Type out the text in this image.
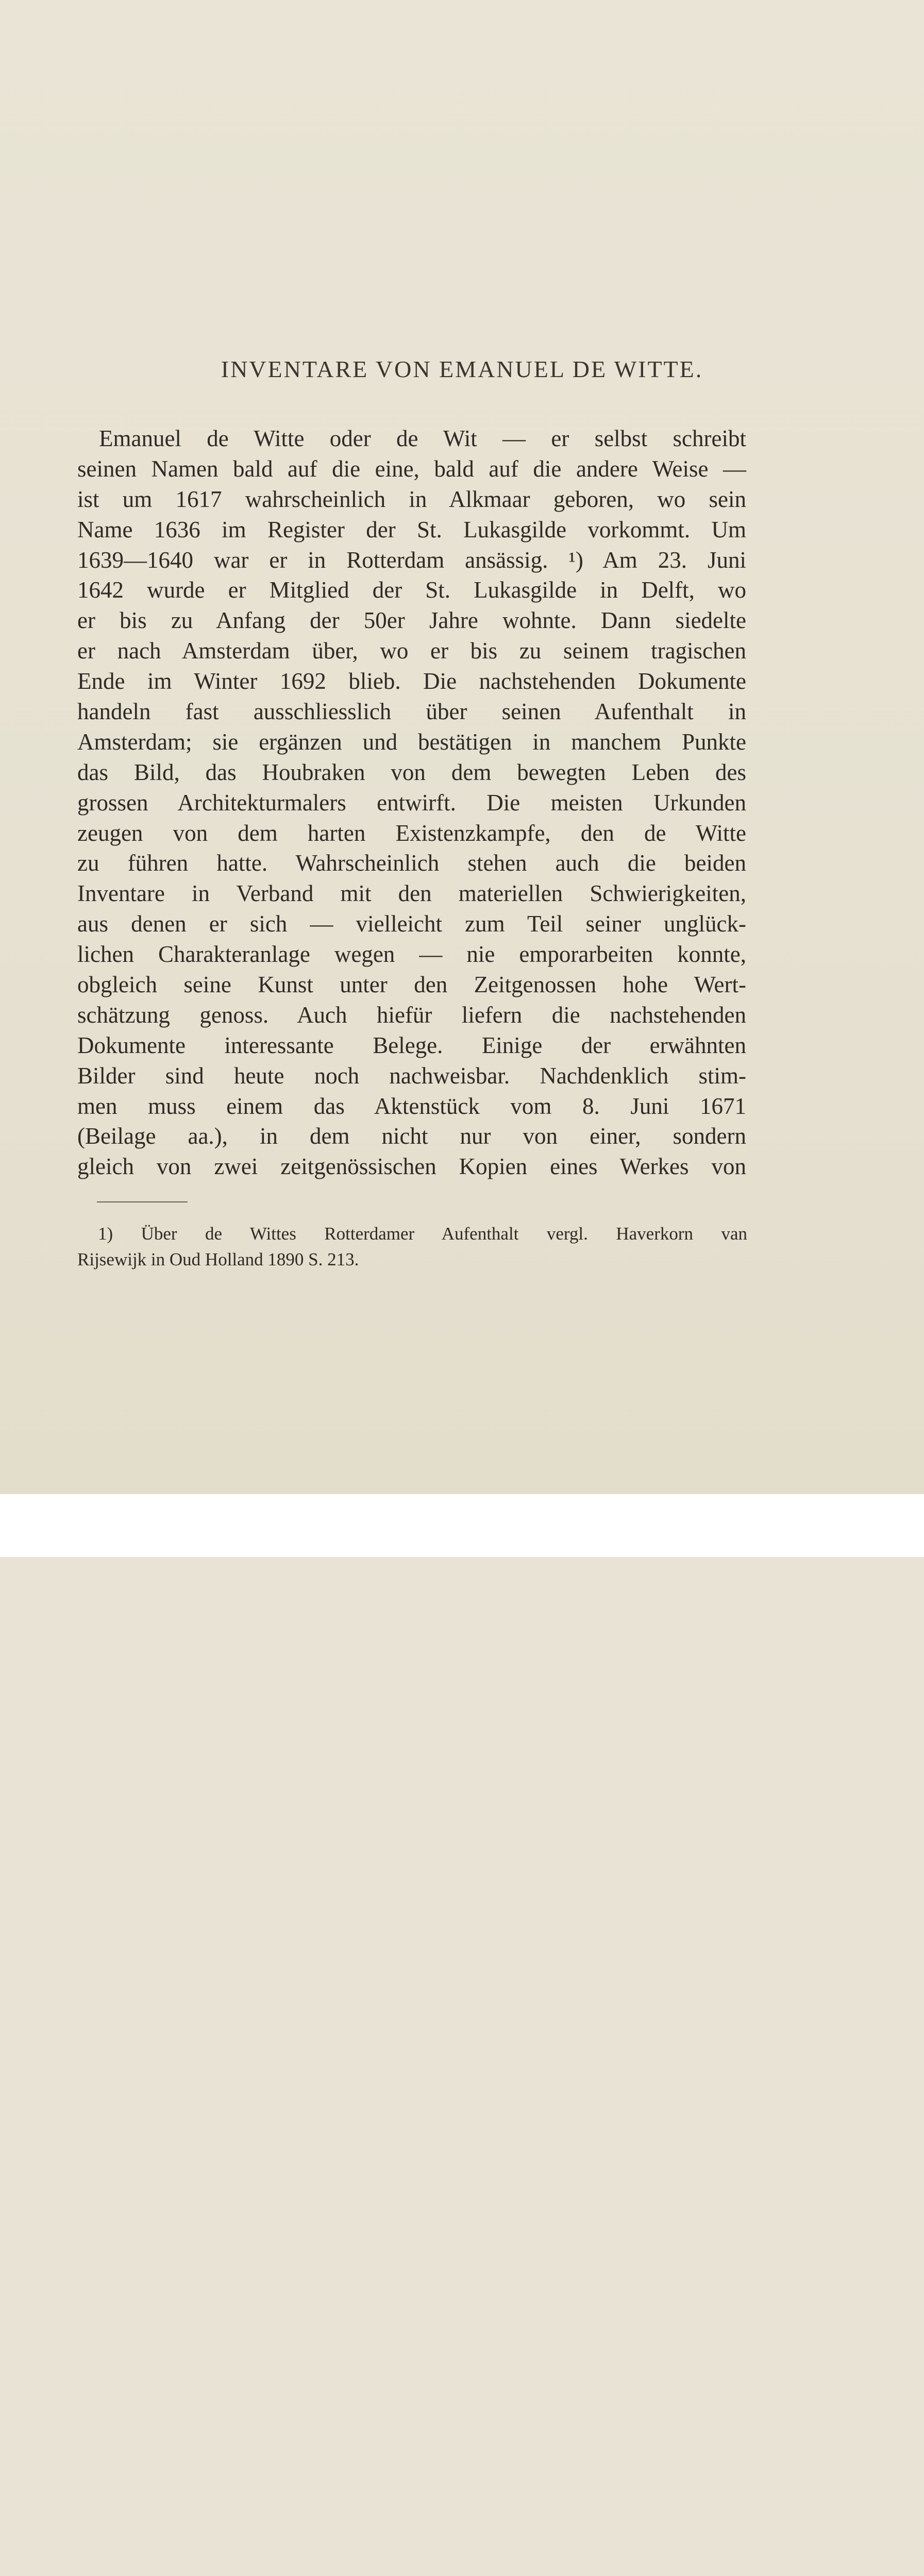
INVENTARE VON EMANUEL DE WITTE.
Emanuel de Witte oder de Wit — er selbst schreibt
seinen Namen bald auf die eine, bald auf die andere Weise —
ist um 1617 wahrscheinlich in Alkmaar geboren, wo sein
Name 1636 im Register der St. Lukasgilde vorkommt. Um
1639—1640 war er in Rotterdam ansässig. ¹) Am 23. Juni
1642 wurde er Mitglied der St. Lukasgilde in Delft, wo
er bis zu Anfang der 50er Jahre wohnte. Dann siedelte
er nach Amsterdam über, wo er bis zu seinem tragischen
Ende im Winter 1692 blieb. Die nachstehenden Dokumente
handeln fast ausschliesslich über seinen Aufenthalt in
Amsterdam; sie ergänzen und bestätigen in manchem Punkte
das Bild, das Houbraken von dem bewegten Leben des
grossen Architekturmalers entwirft. Die meisten Urkunden
zeugen von dem harten Existenzkampfe, den de Witte
zu führen hatte. Wahrscheinlich stehen auch die beiden
Inventare in Verband mit den materiellen Schwierigkeiten,
aus denen er sich — vielleicht zum Teil seiner unglück-
lichen Charakteranlage wegen — nie emporarbeiten konnte,
obgleich seine Kunst unter den Zeitgenossen hohe Wert-
schätzung genoss. Auch hiefür liefern die nachstehenden
Dokumente interessante Belege. Einige der erwähnten
Bilder sind heute noch nachweisbar. Nachdenklich stim-
men muss einem das Aktenstück vom 8. Juni 1671
(Beilage aa.), in dem nicht nur von einer, sondern
gleich von zwei zeitgenössischen Kopien eines Werkes von
1) Über de Wittes Rotterdamer Aufenthalt vergl. Haverkorn van
Rijsewijk in Oud Holland 1890 S. 213.
